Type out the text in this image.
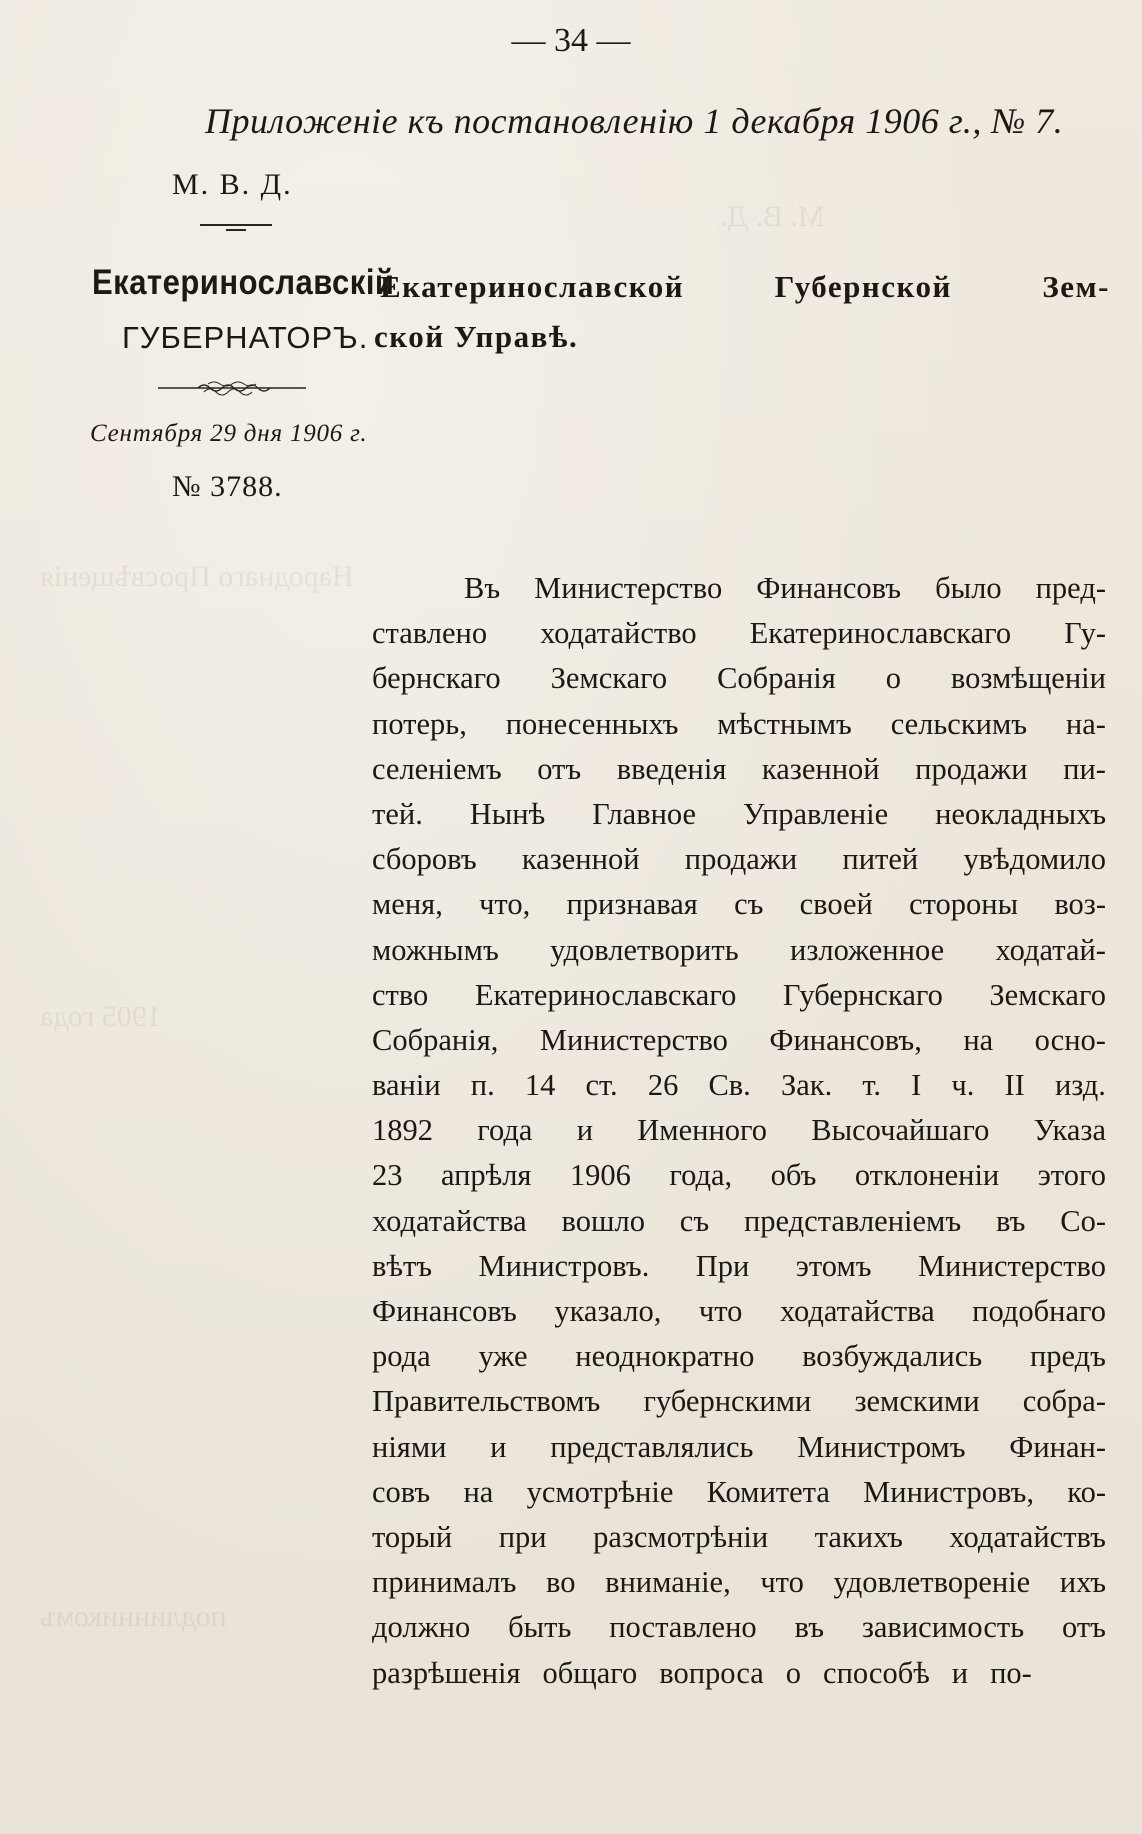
— 34 —
Приложеніе къ постановленію 1 декабря 1906 г., № 7.
М. В. Д.
Екатеринославскій
ГУБЕРНАТОРЪ.
Екатеринославской	Губернской	Зем-
ской Управѣ.
Сентября 29 дня 1906 г.
№ 3788.
Въ Министерство Финансовъ было пред-
ставлено ходатайство Екатеринославскаго Гу-
бернскаго Земскаго Собранія о возмѣщеніи
потерь, понесенныхъ мѣстнымъ сельскимъ на-
селеніемъ отъ введенія казенной продажи пи-
тей. Нынѣ Главное Управленіе неокладныхъ
сборовъ казенной продажи питей увѣдомило
меня, что, признавая съ своей стороны воз-
можнымъ удовлетворить изложенное ходатай-
ство Екатеринославскаго Губернскаго Земскаго
Собранія, Министерство Финансовъ, на осно-
ваніи п. 14 ст. 26 Св. Зак. т. I ч. II изд.
1892 года и Именного Высочайшаго Указа
23 апрѣля 1906 года, объ отклоненіи этого
ходатайства вошло съ представленіемъ въ Со-
вѣтъ Министровъ. При этомъ Министерство
Финансовъ указало, что ходатайства подобнаго
рода уже неоднократно возбуждались предъ
Правительствомъ губернскими земскими собра-
ніями и представлялись Министромъ Финан-
совъ на усмотрѣніе Комитета Министровъ, ко-
торый при разсмотрѣніи такихъ ходатайствъ
принималъ во вниманіе, что удовлетвореніе ихъ
должно быть поставлено въ зависимость отъ
разрѣшенія общаго вопроса о способѣ и по-
М. В. Д.
Народнаго Просвѣщенія
1905 года
подлинникомъ
